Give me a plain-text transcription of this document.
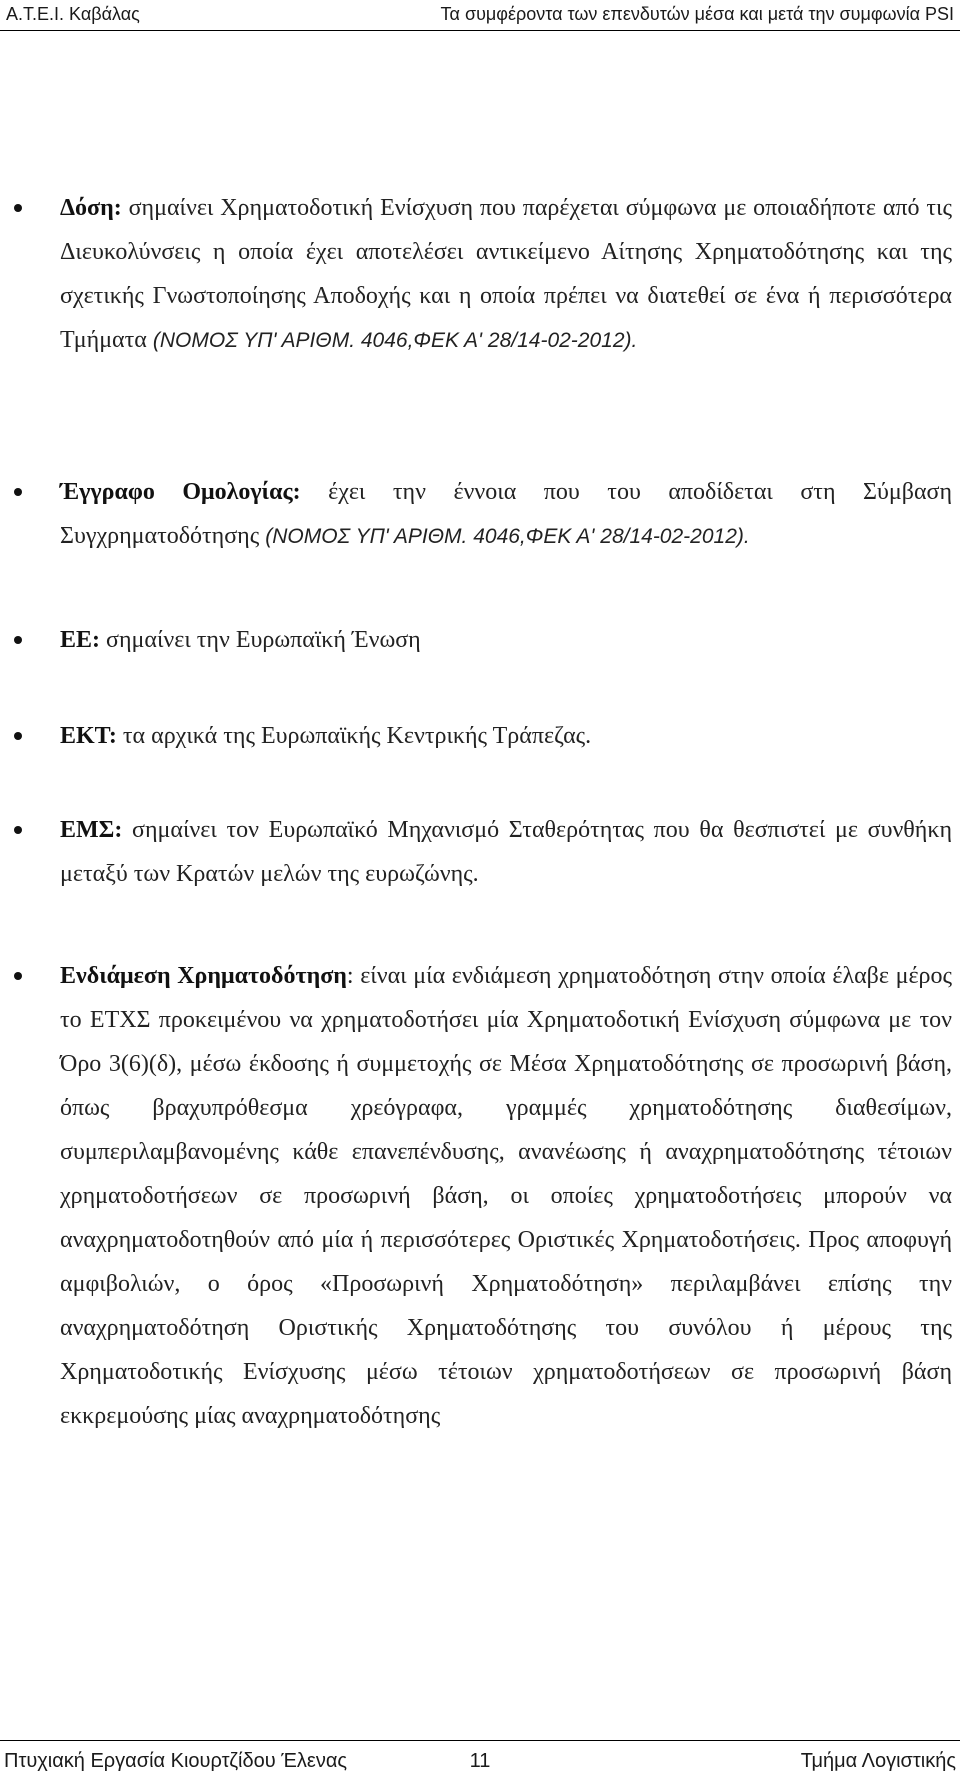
Α.Τ.Ε.Ι. Καβάλας	Τα συμφέροντα των επενδυτών μέσα και μετά την συμφωνία PSI

Δόση: σημαίνει Χρηματοδοτική Ενίσχυση που παρέχεται σύμφωνα με οποιαδήποτε από τις Διευκολύνσεις η οποία έχει αποτελέσει αντικείμενο Αίτησης Χρηματοδότησης και της σχετικής Γνωστοποίησης Αποδοχής και η οποία πρέπει να διατεθεί σε ένα ή περισσότερα Τμήματα (ΝΟΜΟΣ ΥΠ' ΑΡΙΘΜ. 4046,ΦΕΚ Α' 28/14-02-2012).

Έγγραφο Ομολογίας: έχει την έννοια που του αποδίδεται στη Σύμβαση Συγχρηματοδότησης (ΝΟΜΟΣ ΥΠ' ΑΡΙΘΜ. 4046,ΦΕΚ Α' 28/14-02-2012).

ΕΕ: σημαίνει την Ευρωπαϊκή Ένωση

ΕΚΤ: τα αρχικά της Ευρωπαϊκής Κεντρικής Τράπεζας.

ΕΜΣ: σημαίνει τον Ευρωπαϊκό Μηχανισμό Σταθερότητας που θα θεσπιστεί με συνθήκη μεταξύ των Κρατών μελών της ευρωζώνης.

Ενδιάμεση Χρηματοδότηση: είναι μία ενδιάμεση χρηματοδότηση στην οποία έλαβε μέρος το ΕΤΧΣ προκειμένου να χρηματοδοτήσει μία Χρηματοδοτική Ενίσχυση σύμφωνα με τον Όρο 3(6)(δ), μέσω έκδοσης ή συμμετοχής σε Μέσα Χρηματοδότησης σε προσωρινή βάση, όπως βραχυπρόθεσμα χρεόγραφα, γραμμές χρηματοδότησης διαθεσίμων, συμπεριλαμβανομένης κάθε επανεπένδυσης, ανανέωσης ή αναχρηματοδότησης τέτοιων χρηματοδοτήσεων σε προσωρινή βάση, οι οποίες χρηματοδοτήσεις μπορούν να αναχρηματοδοτηθούν από μία ή περισσότερες Οριστικές Χρηματοδοτήσεις. Προς αποφυγή αμφιβολιών, ο όρος «Προσωρινή Χρηματοδότηση» περιλαμβάνει επίσης την αναχρηματοδότηση Οριστικής Χρηματοδότησης του συνόλου ή μέρους της Χρηματοδοτικής Ενίσχυσης μέσω τέτοιων χρηματοδοτήσεων σε προσωρινή βάση εκκρεμούσης μίας αναχρηματοδότησης

Πτυχιακή Εργασία Κιουρτζίδου Έλενας	11	Τμήμα Λογιστικής
